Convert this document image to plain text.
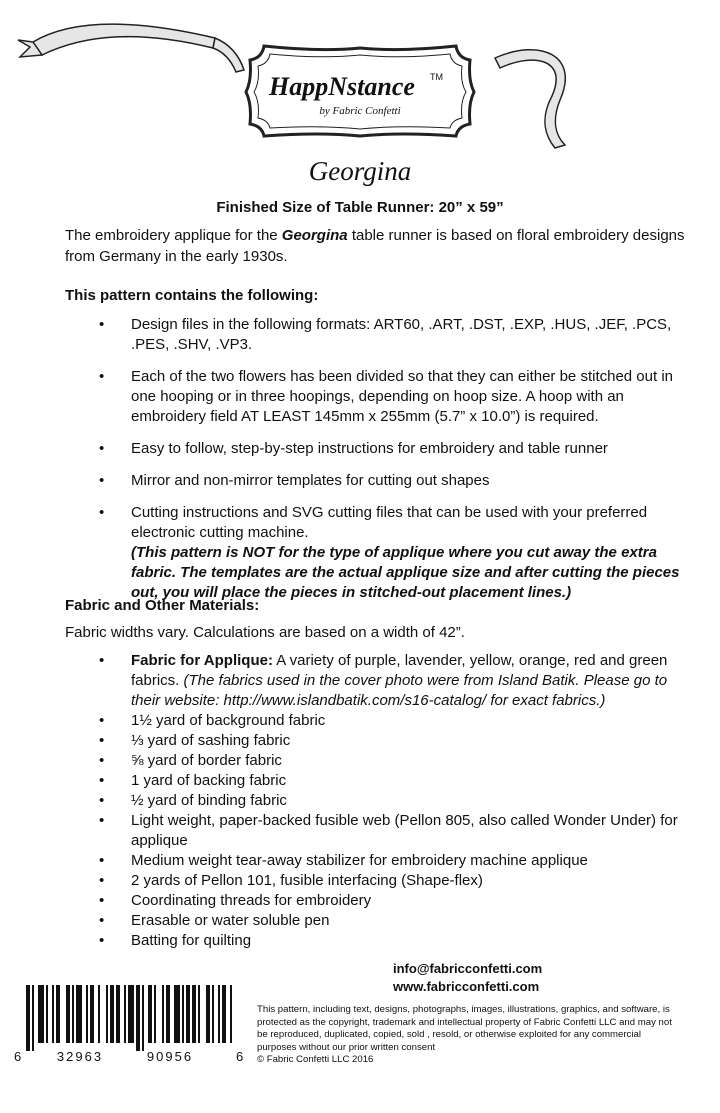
HappNstance TM
by Fabric Confetti
Georgina
Finished Size of Table Runner: 20” x 59”
The embroidery applique for the Georgina table runner is based on floral embroidery designs from Germany in the early 1930s.
This pattern contains the following:
• Design files in the following formats: ART60, .ART, .DST, .EXP, .HUS, .JEF, .PCS, .PES, .SHV, .VP3.
• Each of the two flowers has been divided so that they can either be stitched out in one hooping or in three hoopings, depending on hoop size. A hoop with an embroidery field AT LEAST 145mm x 255mm (5.7” x 10.0”) is required.
• Easy to follow, step-by-step instructions for embroidery and table runner
• Mirror and non-mirror templates for cutting out shapes
• Cutting instructions and SVG cutting files that can be used with your preferred electronic cutting machine.
(This pattern is NOT for the type of applique where you cut away the extra fabric. The templates are the actual applique size and after cutting the pieces out, you will place the pieces in stitched-out placement lines.)
Fabric and Other Materials:
Fabric widths vary. Calculations are based on a width of 42”.
• Fabric for Applique: A variety of purple, lavender, yellow, orange, red and green fabrics. (The fabrics used in the cover photo were from Island Batik. Please go to their website: http://www.islandbatik.com/s16-catalog/ for exact fabrics.)
• 1½ yard of background fabric
• ⅓ yard of sashing fabric
• ⅝ yard of border fabric
• 1 yard of backing fabric
• ½ yard of binding fabric
• Light weight, paper-backed fusible web (Pellon 805, also called Wonder Under) for applique
• Medium weight tear-away stabilizer for embroidery machine applique
• 2 yards of Pellon 101, fusible interfacing (Shape-flex)
• Coordinating threads for embroidery
• Erasable or water soluble pen
• Batting for quilting
info@fabricconfetti.com
www.fabricconfetti.com
6	32963	90956	6
This pattern, including text, designs, photographs, images, illustrations, graphics, and software, is protected as the copyright, trademark and intellectual property of Fabric Confetti LLC and may not be reproduced, duplicated, copied, sold , resold, or otherwise exploited for any commercial purposes without our prior written consent
© Fabric Confetti LLC 2016
